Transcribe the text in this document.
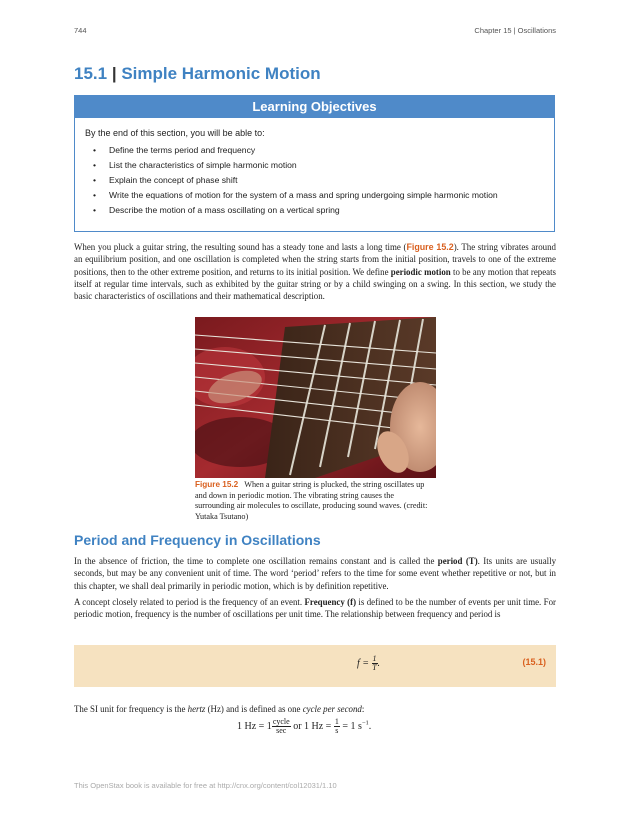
744	Chapter 15 | Oscillations
15.1 | Simple Harmonic Motion
Learning Objectives
By the end of this section, you will be able to:
• Define the terms period and frequency
• List the characteristics of simple harmonic motion
• Explain the concept of phase shift
• Write the equations of motion for the system of a mass and spring undergoing simple harmonic motion
• Describe the motion of a mass oscillating on a vertical spring

When you pluck a guitar string, the resulting sound has a steady tone and lasts a long time (Figure 15.2). The string vibrates around an equilibrium position, and one oscillation is completed when the string starts from the initial position, travels to one of the extreme positions, then to the other extreme position, and returns to its initial position. We define periodic motion to be any motion that repeats itself at regular time intervals, such as exhibited by the guitar string or by a child swinging on a swing. In this section, we study the basic characteristics of oscillations and their mathematical description.

Figure 15.2 When a guitar string is plucked, the string oscillates up and down in periodic motion. The vibrating string causes the surrounding air molecules to oscillate, producing sound waves. (credit: Yutaka Tsutano)
Period and Frequency in Oscillations

In the absence of friction, the time to complete one oscillation remains constant and is called the period (T). Its units are usually seconds, but may be any convenient unit of time. The word ‘period’ refers to the time for some event whether repetitive or not, but in this chapter, we shall deal primarily in periodic motion, which is by definition repetitive.

A concept closely related to period is the frequency of an event. Frequency (f) is defined to be the number of events per unit time. For periodic motion, frequency is the number of oscillations per unit time. The relationship between frequency and period is

$f = \frac{1}{T}$ .	(15.1)

The SI unit for frequency is the hertz (Hz) and is defined as one cycle per second:

1 $Hz = 1 \frac{\text{cycle}}{\sec}$ or 1 $Hz = \frac{1}{s} = 1$ $s^{-1}$.
This OpenStax book is available for free at http://cnx.org/content/col12031/1.10
